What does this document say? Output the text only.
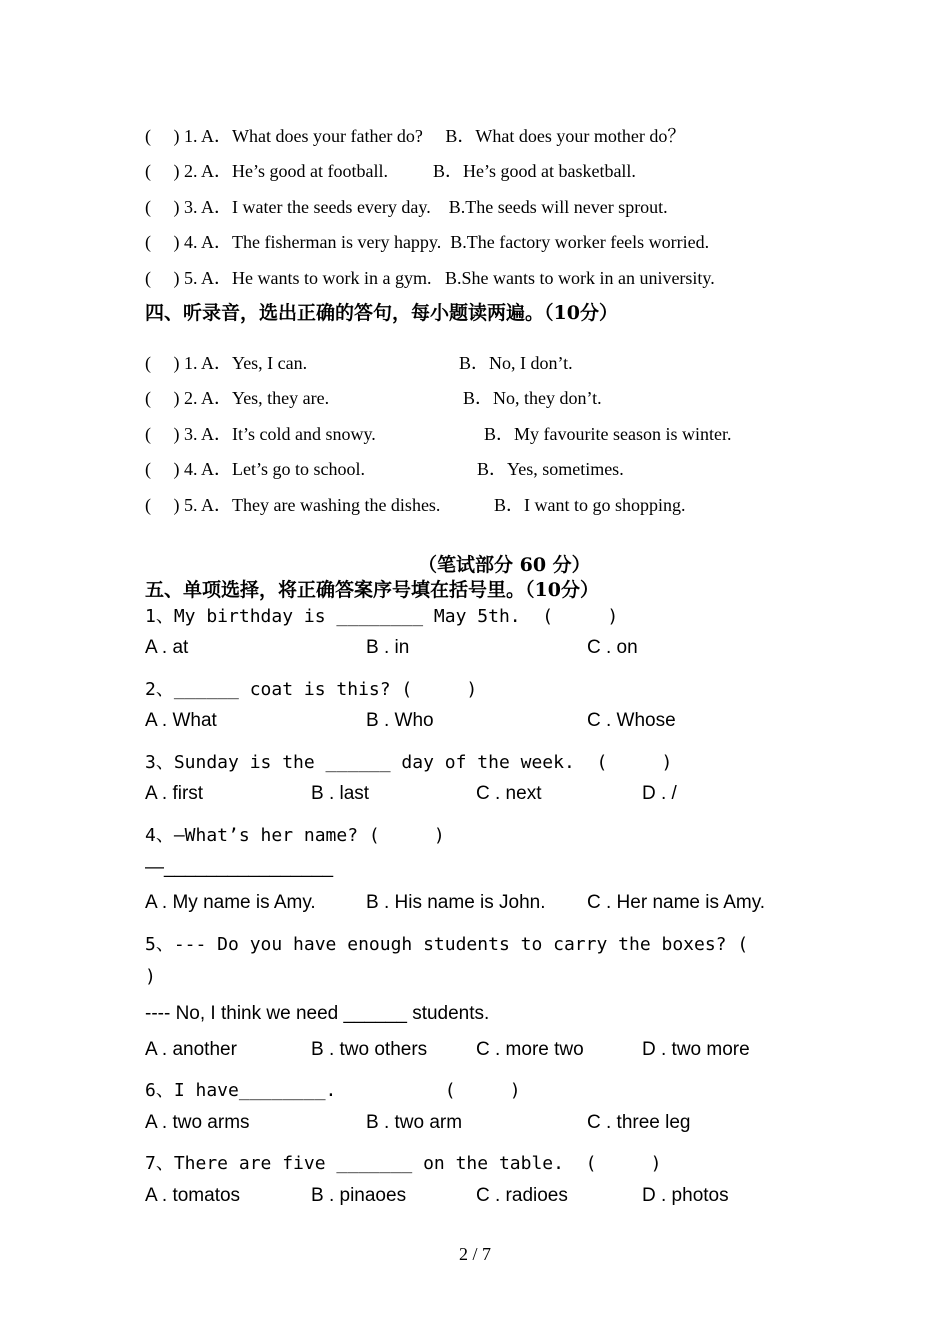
(     ) 1. A．What does your father do?     B．What does your mother do？
(     ) 2. A．He’s good at football.          B．He’s good at basketball.
(     ) 3. A．I water the seeds every day.    B.The seeds will never sprout.
(     ) 4. A．The fisherman is very happy.  B.The factory worker feels worried.
(     ) 5. A．He wants to work in a gym.   B.She wants to work in an university.
四、听录音，选出正确的答句，每小题读两遍。（10分）
(     ) 1. A．Yes, I can.	B．No, I don’t.
(     ) 2. A．Yes, they are.	B．No, they don’t.
(     ) 3. A．It’s cold and snowy.	B．My favourite season is winter.
(     ) 4. A．Let’s go to school.	B．Yes, sometimes.
(     ) 5. A．They are washing the dishes.	B．I want to go shopping.
（笔试部分 60 分）
五、单项选择，将正确答案序号填在括号里。（10分）
1、My birthday is ________ May 5th.  (     )
A . at	B . in	C . on
2、______ coat is this? (     )
A . What	B . Who	C . Whose
3、Sunday is the ______ day of the week.  (     )
A . first	B . last	C . next	D . /
4、—What’s her name? (     )
—________________
A . My name is Amy.	B . His name is John. C . Her name is Amy.
5、--- Do you have enough students to carry the boxes? (
)
---- No, I think we need ______ students.
A . another	B . two others	C . more two	D . two more
6、I have________.          (     )
A . two arms	B . two arm	C . three leg
7、There are five _______ on the table.  (     )
A . tomatos	B . pinaoes	C . radioes	D . photos
2 / 7
